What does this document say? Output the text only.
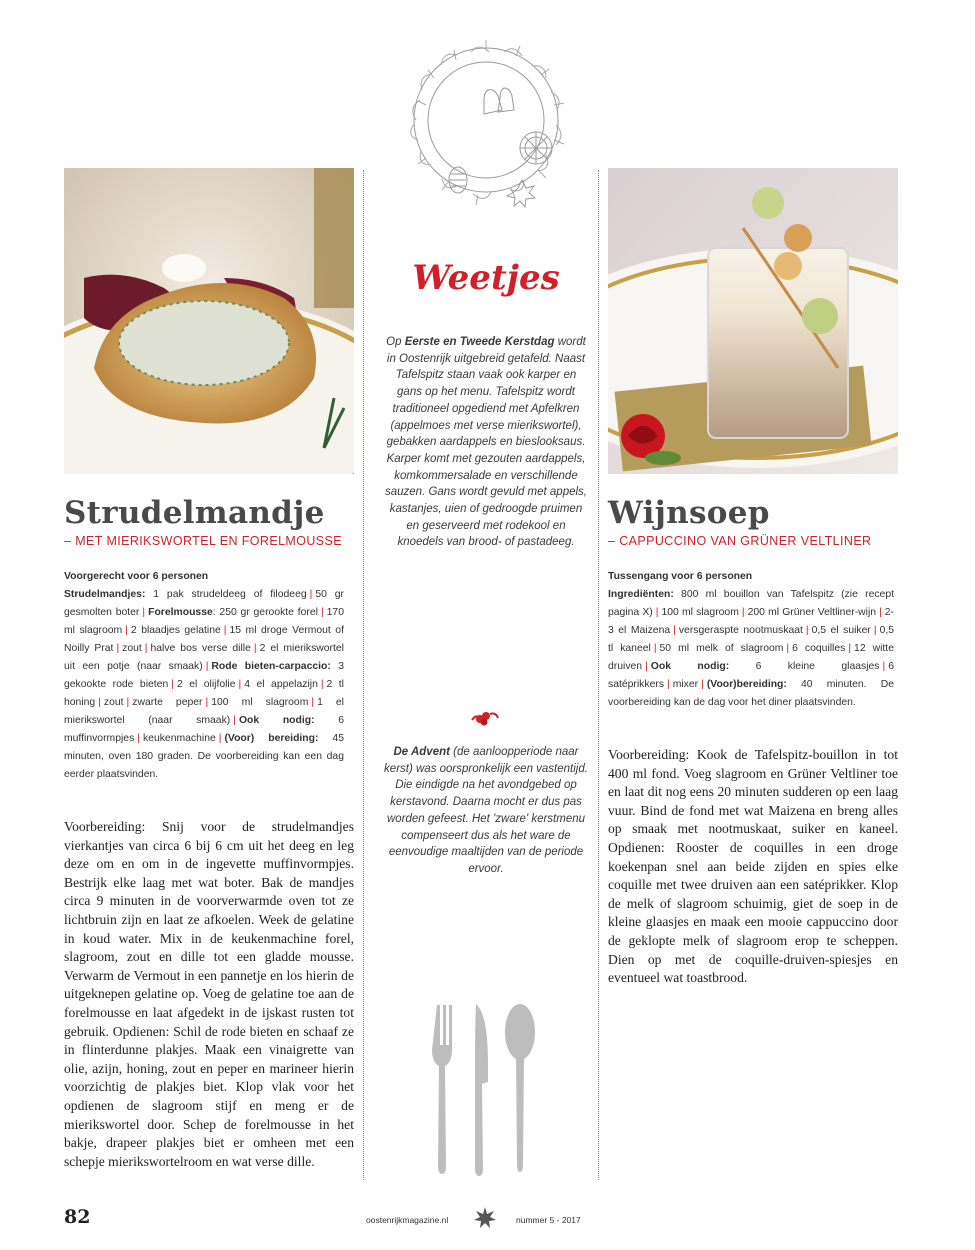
Strudelmandje

– MET MIERIKSWORTEL EN FORELMOUSSE

Voorgerecht voor 6 personen
Strudelmandjes: 1 pak strudeldeeg of filodeeg | 50 gr gesmolten boter | Forelmousse: 250 gr gerookte forel | 170 ml slagroom | 2 blaadjes gelatine | 15 ml droge Vermout of Noilly Prat | zout | halve bos verse dille | 2 el mierikswortel uit een potje (naar smaak) | Rode bieten-carpaccio: 3 gekookte rode bieten | 2 el olijfolie | 4 el appelazijn | 2 tl honing | zout | zwarte peper | 100 ml slagroom | 1 el mierikswortel (naar smaak) | Ook nodig: 6 muffinvormpjes | keukenmachine | (Voor) bereiding: 45 minuten, oven 180 graden. De voorbereiding kan een dag eerder plaatsvinden.
Voorbereiding: Snij voor de strudelmandjes vierkantjes van circa 6 bij 6 cm uit het deeg en leg deze om en om in de ingevette muffinvormpjes. Bestrijk elke laag met wat boter. Bak de mandjes circa 9 minuten in de voorverwarmde oven tot ze lichtbruin zijn en laat ze afkoelen. Week de gelatine in koud water. Mix in de keukenmachine forel, slagroom, zout en dille tot een gladde mousse. Verwarm de Vermout in een pannetje en los hierin de uitgeknepen gelatine op. Voeg de gelatine toe aan de forelmousse en laat afgedekt in de ijskast rusten tot gebruik. Opdienen: Schil de rode bieten en schaaf ze in flinterdunne plakjes. Maak een vinaigrette van olie, azijn, honing, zout en peper en marineer hierin voorzichtig de plakjes biet. Klop vlak voor het opdienen de slagroom stijf en meng er de mierikswortel door. Schep de forelmousse in het bakje, drapeer plakjes biet er omheen met een schepje mierikswortelroom en wat verse dille.
Weetjes
Op Eerste en Tweede Kerstdag wordt in Oostenrijk uitgebreid getafeld. Naast Tafelspitz staan vaak ook karper en gans op het menu. Tafelspitz wordt traditioneel opgediend met Apfelkren (appelmoes met verse mierikswortel), gebakken aardappels en bieslooksaus. Karper komt met gezouten aardappels, komkommersalade en verschillende sauzen. Gans wordt gevuld met appels, kastanjes, uien of gedroogde pruimen en geserveerd met rodekool en knoedels van brood- of pastadeeg.
De Advent (de aanloopperiode naar kerst) was oorspronkelijk een vastentijd. Die eindigde na het avondgebed op kerstavond. Daarna mocht er dus pas worden gefeest. Het 'zware' kerstmenu compenseert dus als het ware de eenvoudige maaltijden van de periode ervoor.
Wijnsoep

– CAPPUCCINO VAN GRÜNER VELTLINER

Tussengang voor 6 personen
Ingrediënten: 800 ml bouillon van Tafelspitz (zie recept pagina X) | 100 ml slagroom | 200 ml Grüner Veltliner-wijn | 2-3 el Maizena | versgeraspte nootmuskaat | 0,5 el suiker | 0,5 tl kaneel | 50 ml melk of slagroom | 6 coquilles | 12 witte druiven | Ook nodig: 6 kleine glaasjes | 6 satéprikkers | mixer | (Voor)bereiding: 40 minuten. De voorbereiding kan de dag voor het diner plaatsvinden.
Voorbereiding: Kook de Tafelspitz-bouillon in tot 400 ml fond. Voeg slagroom en Grüner Veltliner toe en laat dit nog eens 20 minuten sudderen op een laag vuur. Bind de fond met wat Maizena en breng alles op smaak met nootmuskaat, suiker en kaneel. Opdienen: Rooster de coquilles in een droge koekenpan snel aan beide zijden en spies elke coquille met twee druiven aan een satéprikker. Klop de melk of slagroom schuimig, giet de soep in de kleine glaasjes en maak een mooie cappuccino door de geklopte melk of slagroom erop te scheppen. Dien op met de coquille-druiven-spiesjes en eventueel wat toastbrood.
82	oostenrijkmagazine.nl	nummer 5 - 2017
